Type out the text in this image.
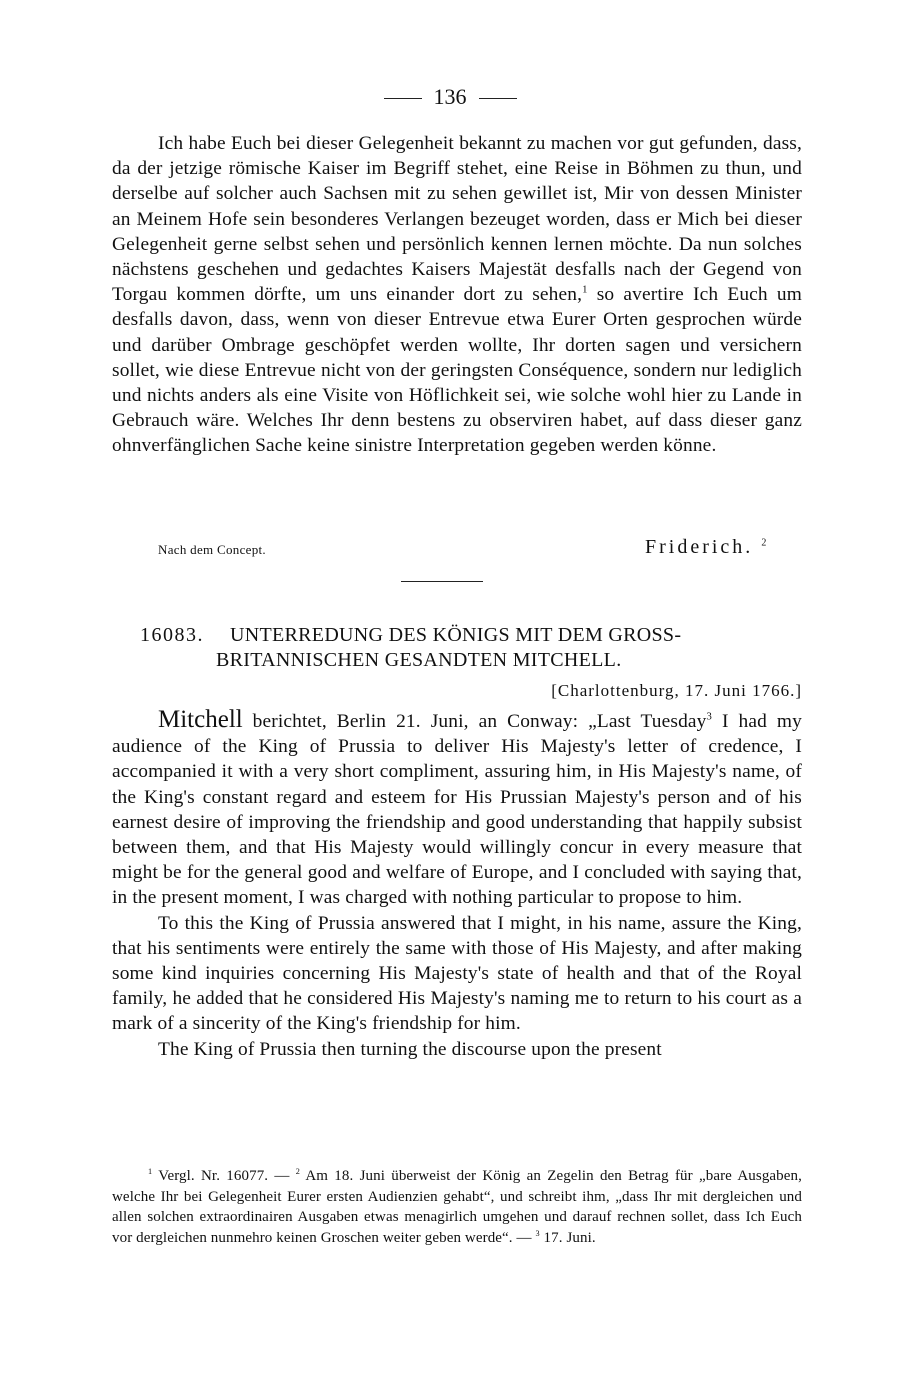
136

Ich habe Euch bei dieser Gelegenheit bekannt zu machen vor gut gefunden, dass, da der jetzige römische Kaiser im Begriff stehet, eine Reise in Böhmen zu thun, und derselbe auf solcher auch Sachsen mit zu sehen gewillet ist, Mir von dessen Minister an Meinem Hofe sein besonderes Verlangen bezeuget worden, dass er Mich bei dieser Gelegenheit gerne selbst sehen und persönlich kennen lernen möchte. Da nun solches nächstens geschehen und gedachtes Kaisers Majestät desfalls nach der Gegend von Torgau kommen dörfte, um uns einander dort zu sehen,$^1$ so avertire Ich Euch um desfalls davon, dass, wenn von dieser Entrevue etwa Eurer Orten gesprochen würde und darüber Ombrage geschöpfet werden wollte, Ihr dorten sagen und versichern sollet, wie diese Entrevue nicht von der geringsten Conséquence, sondern nur lediglich und nichts anders als eine Visite von Höflichkeit sei, wie solche wohl hier zu Lande in Gebrauch wäre. Welches Ihr denn bestens zu observiren habet, auf dass dieser ganz ohnverfänglichen Sache keine sinistre Interpretation gegeben werden könne.

Nach dem Concept.	Friderich. $^2$
16083. UNTERREDUNG DES KÖNIGS MIT DEM GROSS-
BRITANNISCHEN GESANDTEN MITCHELL.
[Charlottenburg, 17. Juni 1766.]

Mitchell berichtet, Berlin 21. Juni, an Conway: „Last Tuesday$^3$ I had my audience of the King of Prussia to deliver His Majesty's letter of credence, I accompanied it with a very short compliment, assuring him, in His Majesty's name, of the King's constant regard and esteem for His Prussian Majesty's person and of his earnest desire of improving the friendship and good understanding that happily subsist between them, and that His Majesty would willingly concur in every measure that might be for the general good and welfare of Europe, and I concluded with saying that, in the present moment, I was charged with nothing particular to propose to him.

To this the King of Prussia answered that I might, in his name, assure the King, that his sentiments were entirely the same with those of His Majesty, and after making some kind inquiries concerning His Majesty's state of health and that of the Royal family, he added that he considered His Majesty's naming me to return to his court as a mark of a sincerity of the King's friendship for him.

The King of Prussia then turning the discourse upon the present

$^1$ Vergl. Nr. 16077. — $^2$ Am 18. Juni überweist der König an Zegelin den Betrag für „bare Ausgaben, welche Ihr bei Gelegenheit Eurer ersten Audienzien gehabt“, und schreibt ihm, „dass Ihr mit dergleichen und allen solchen extraordinairen Ausgaben etwas menagirlich umgehen und darauf rechnen sollet, dass Ich Euch vor dergleichen nunmehro keinen Groschen weiter geben werde“. — $^3$ 17. Juni.
